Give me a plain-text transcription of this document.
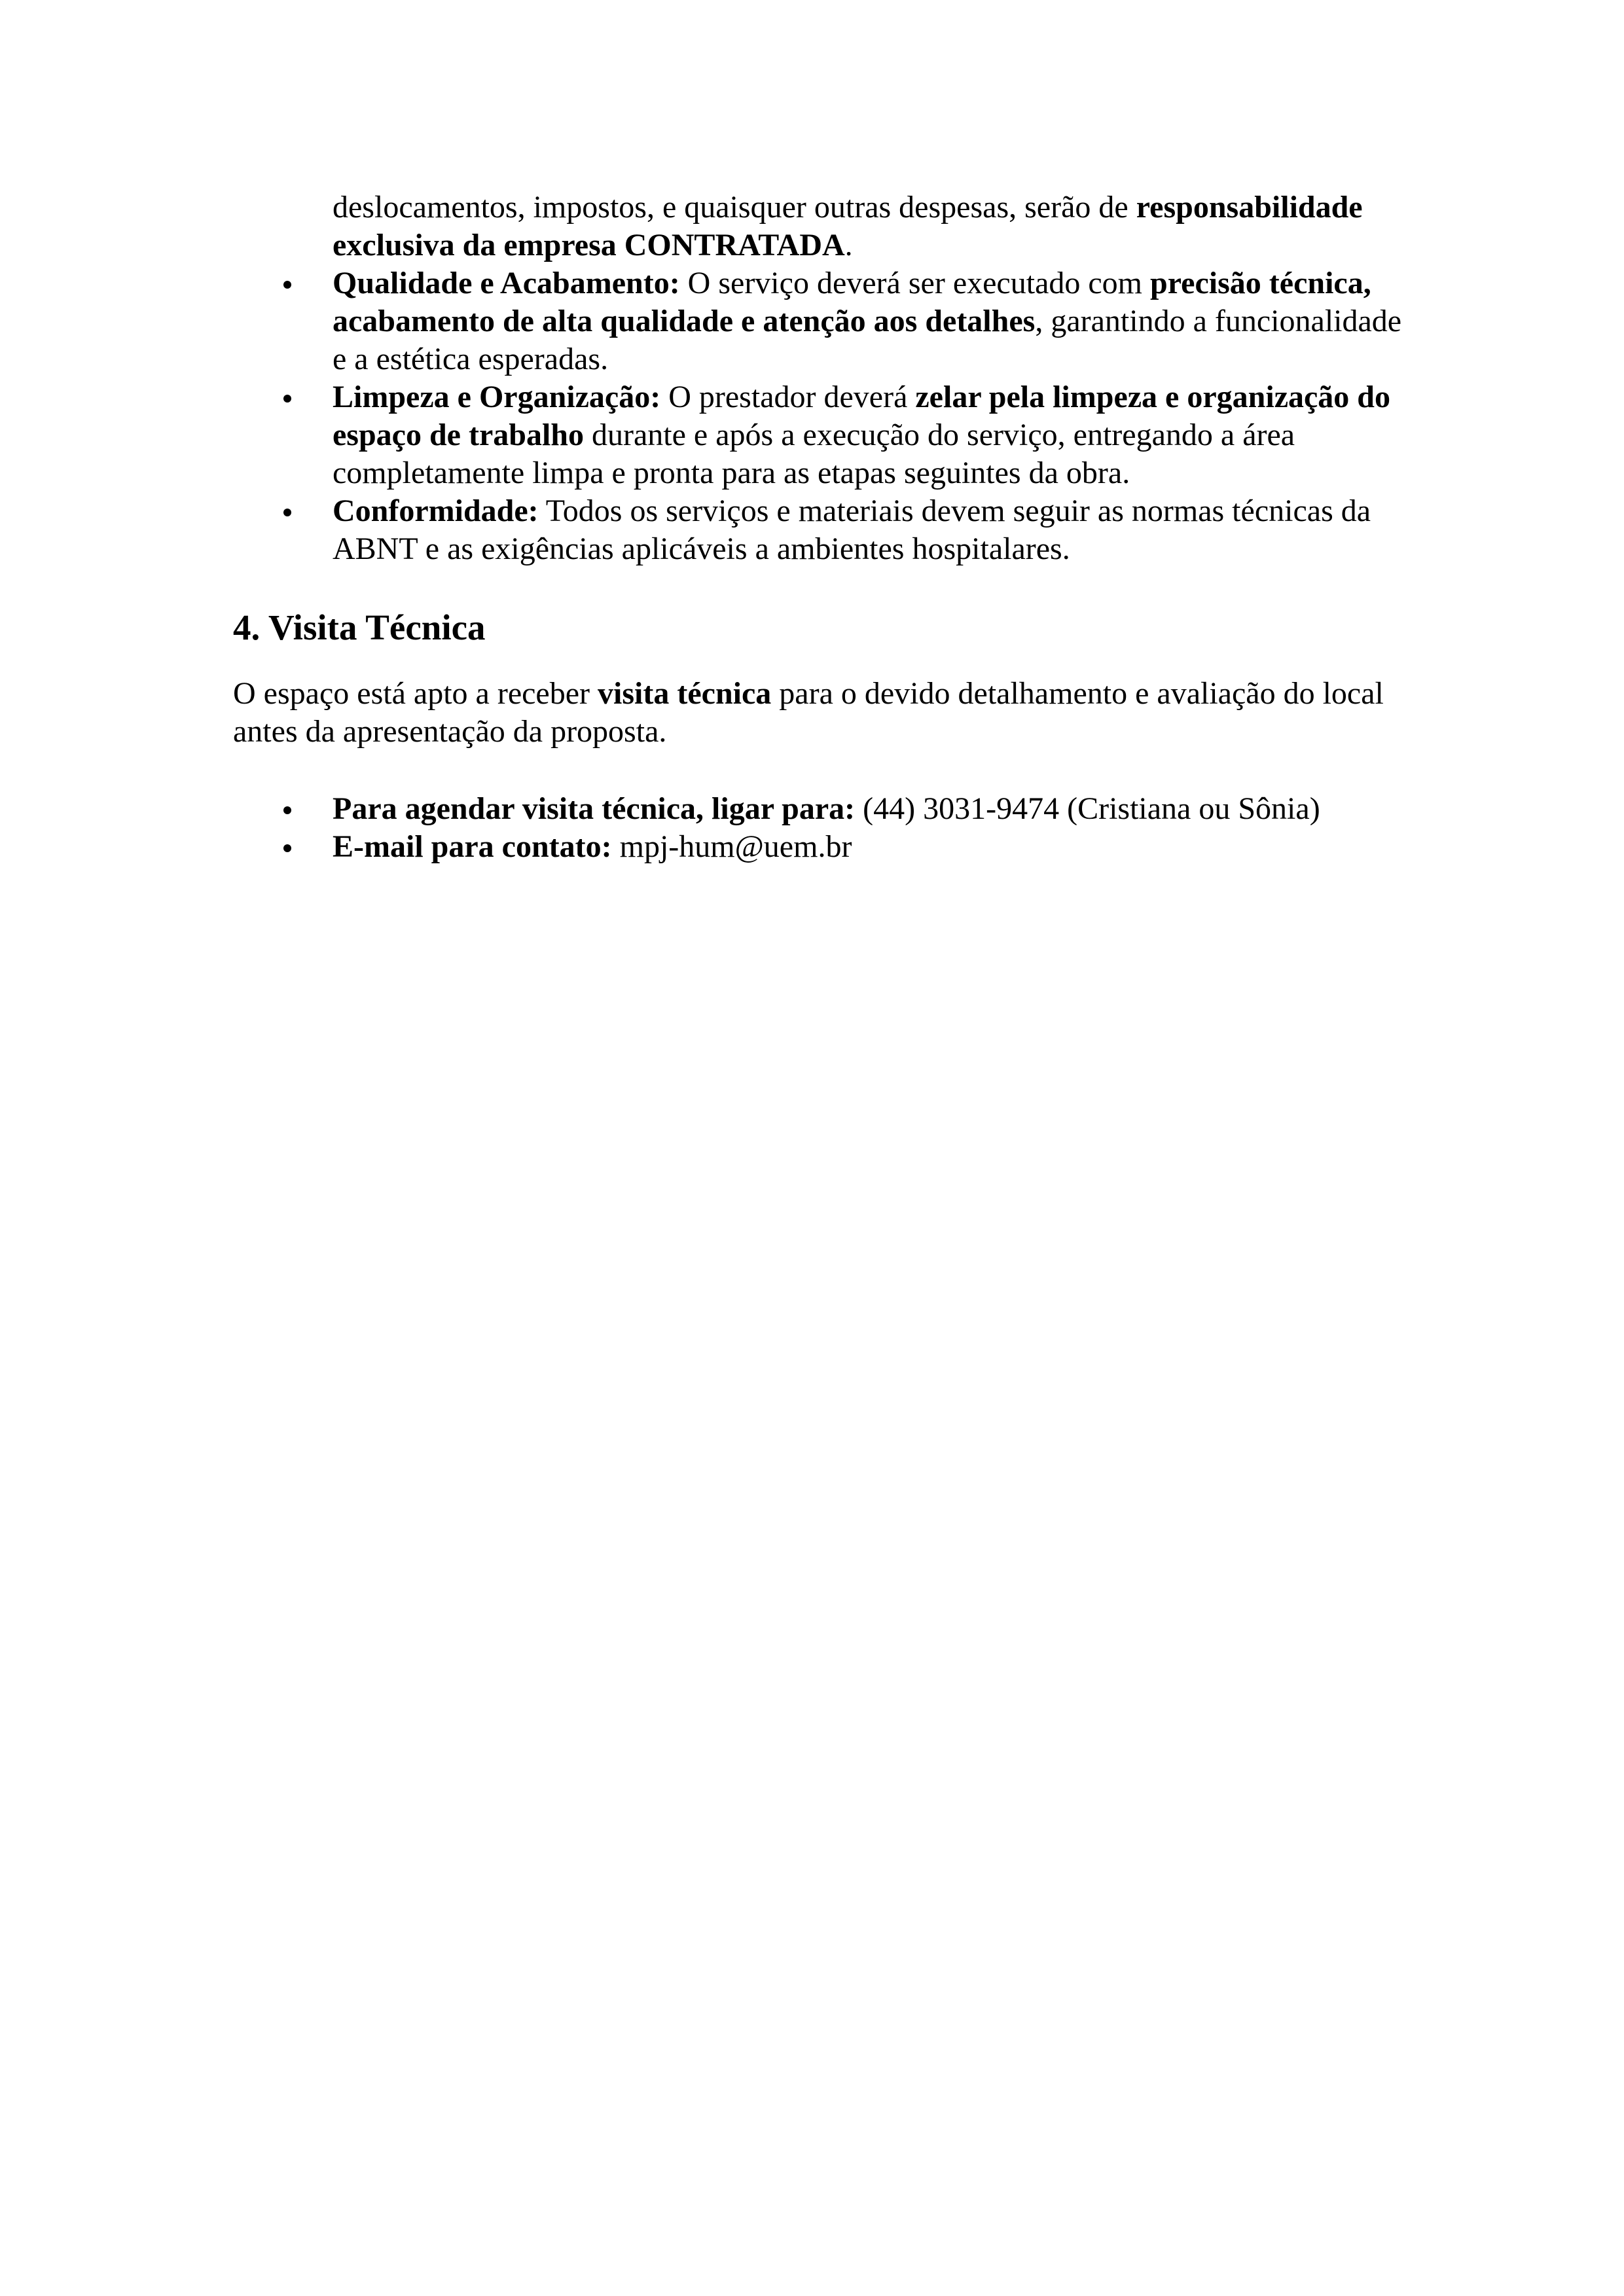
deslocamentos, impostos, e quaisquer outras despesas, serão de responsabilidade exclusiva da empresa CONTRATADA.

Qualidade e Acabamento: O serviço deverá ser executado com precisão técnica, acabamento de alta qualidade e atenção aos detalhes, garantindo a funcionalidade e a estética esperadas.
Limpeza e Organização: O prestador deverá zelar pela limpeza e organização do espaço de trabalho durante e após a execução do serviço, entregando a área completamente limpa e pronta para as etapas seguintes da obra.
Conformidade: Todos os serviços e materiais devem seguir as normas técnicas da ABNT e as exigências aplicáveis a ambientes hospitalares.
4. Visita Técnica

O espaço está apto a receber visita técnica para o devido detalhamento e avaliação do local antes da apresentação da proposta.

Para agendar visita técnica, ligar para: (44) 3031-9474 (Cristiana ou Sônia)
E-mail para contato: mpj-hum@uem.br
